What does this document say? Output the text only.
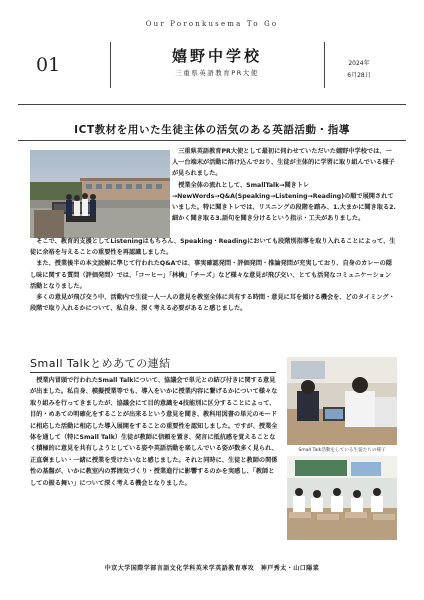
Our Poronkusema To Go
01	嬉野中学校
三重県英語教育PR大使
2024年
6月28日
ICT教材を用いた生徒主体の活気のある英語活動・指導

三重県英語教育PR大使として最初に伺わせていただいた嬉野中学校では、一人一台端末が活動に溶け込んでおり、生徒が主体的に学習に取り組んでいる様子が見られました。

授業全体の流れとして、SmallTalk→聞きトレ→NewWords→Q&A(Speaking→Listening→Reading)の順で展開されていました。特に聞きトレでは、リスニングの段階を踏み、1.大まかに聞き取る2.細かく聞き取る3.語句を聞き分けるという指示・工夫がありました。

そこで、教育的支援としてListeningはもちろん、Speaking・Readingにおいても段階別指導を取り入れることによって、生徒に余裕を与えることの重要性を再認識しました。

また、授業後半の本文読解に準じて行われたQ&Aでは、事実確認発問・評価発問・推論発問が充実しており、自身のカレーの隠し味に関する質問（評価発問）では、「コーヒー」「林檎」「チーズ」など様々な意見が飛び交い、とても活発なコミュニケーション活動となりました。

多くの意見が飛び交う中、活動内で生徒一人一人の意見を教室全体に共有する時間・意見に耳を傾ける機会を、どのタイミング・段階で取り入れるかについて、私自身、深く考える必要があると感じました。

Small Talkとめあての連結

授業内冒頭で行われたSmall Talkについて、協議会で単元との結び付きに関する意見が出ました。私自身、模擬授業等でも、導入をいかに授業内容に繋げるかについて様々な取り組みを行ってきましたが、協議会にて目的意識を4技能別に区分することによって、目的・めあての明確化をすることが出来るという意見を聞き、教科用図書の単元のモードに相応した活動に相応した導入展開をすることの重要性を認知しました。ですが、授業全体を通して（特にSmall Talk）生徒が教師に信頼を置き、発言に抵抗感を覚えることなく積極的に意見を共有しようとしている姿や英語活動を楽しんでいる姿が数多く見られ、正直褒ましい・一緒に授業を受けたいなと感じました。それと同時に、生徒と教師の関係性の基盤が、いかに教室内の雰囲気づくり・授業進行に影響するのかを実感し、「教師としての振る舞い」について深く考える機会となりました。

Small Talk活動をしている生徒たちの様子
中京大学国際学部言語文化学科英米学英語教育専攻　神戸秀太・山口陽菜
